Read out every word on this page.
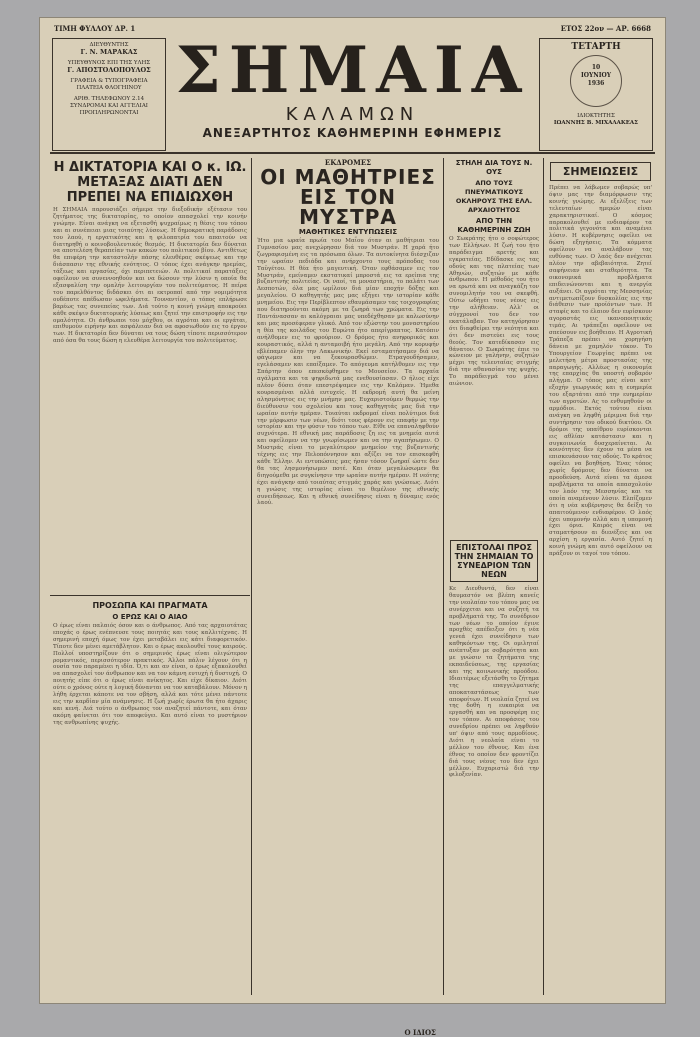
ΤΙΜΗ ΦΥΛΛΟΥ ΔΡ. 1	ΕΤΟΣ 22ον — ΑΡ. 6668
ΔΙΕΥΘΥΝΤΗΣ
Γ. Ν. ΜΑΡΑΚΑΣ
ΥΠΕΥΘΥΝΟΣ ΕΠΙ ΤΗΣ ΥΛΗΣ
Γ. ΑΠΟΣΤΟΛΟΠΟΥΛΟΣ
ΓΡΑΦΕΙΑ & ΤΥΠΟΓΡΑΦΕΙΑ
ΠΛΑΤΕΙΑ ΦΛΟΓΗΙΝΟΥ
ΑΡΙΘ. ΤΗΛΕΦΩΝΟΥ 2.14
ΣΥΝΔΡΟΜΑΙ ΚΑΙ ΑΓΓΕΛΙΑΙ ΠΡΟΠΛΗΡΩΝΟΝΤΑΙ
ΣΗΜΑΙΑ
ΚΑΛΑΜΩΝ
ΑΝΕΞΑΡΤΗΤΟΣ ΚΑΘΗΜΕΡΙΝΗ ΕΦΗΜΕΡΙΣ
ΤΕΤΑΡΤΗ
10
ΙΟΥΝΙΟΥ
1936
ΙΔΙΟΚΤΗΤΗΣ
ΙΩΑΝΝΗΣ Β. ΜΙΧΑΛΑΚΕΑΣ
Η ΔΙΚΤΑΤΟΡΙΑ ΚΑΙ Ο κ. ΙΩ. ΜΕΤΑΞΑΣ ΔΙΑΤΙ ΔΕΝ ΠΡΕΠΕΙ ΝΑ ΕΠΙΔΙΩΧΘΗ
Η ΣΗΜΑΙΑ παρουσιάζει σήμερα την διεξοδικήν εξέτασιν του ζητήματος της δικτατορίας, το οποίον απασχολεί την κοινήν γνώμην. Είναι ανάγκη να εξετασθή ψυχραίμως η θέσις του τόπου και αι συνέπειαι μιας τοιαύτης λύσεως. Η δημοκρατική παράδοσις του λαού, η εργατικότης και η φιλοπατρία του απαιτούν να διατηρηθή ο κοινοβουλευτικός θεσμός. Η δικτατορία δεν δύναται να αποτελέση θεραπείαν των κακών του πολιτικού βίου. Αντιθέτως θα επιφέρη την καταστολήν πάσης ελευθέρας σκέψεως και την διάσπασιν της εθνικής ενότητος. Ο τόπος έχει ανάγκην ηρεμίας, τάξεως και εργασίας, όχι περιπετειών. Αι πολιτικαί παρατάξεις οφείλουν να συνεννοηθούν και να δώσουν την λύσιν η οποία θα εξασφαλίση την ομαλήν λειτουργίαν του πολιτεύματος. Η πείρα του παρελθόντος διδάσκει ότι αι εκτροπαί από την νομιμότητα ουδέποτε απέδωσαν ωφελήματα. Τουναντίον, ο τόπος επλήρωσε βαρέως τας συνεπείας των. Διά τούτο η κοινή γνώμη αποκρούει κάθε σκέψιν δικτατορικής λύσεως και ζητεί την επιστροφήν εις την ομαλότητα. Οι άνθρωποι του μόχθου, οι αγρόται και οι εργάται, επιθυμούν ειρήνην και ασφάλειαν διά να αφοσιωθούν εις το έργον των. Η δικτατορία δεν δύναται να τους δώση τίποτε περισσότερον από όσα θα τους δώση η ελευθέρα λειτουργία του πολιτεύματος.
ΠΡΟΣΩΠΑ ΚΑΙ ΠΡΑΓΜΑΤΑ
Ο ΕΡΩΣ ΚΑΙ Ο ΑΙΑΟ
Ο έρως είναι παλαιός όσον και ο άνθρωπος. Από τας αρχαιοτάτας εποχάς ο έρως ενέπνευσε τους ποιητάς και τους καλλιτέχνας. Η σημερινή εποχή όμως τον έχει μεταβάλει εις κάτι διαφορετικόν. Τίποτε δεν μένει αμετάβλητον. Και ο έρως ακολουθεί τους καιρούς. Πολλοί υποστηρίζουν ότι ο σημερινός έρως είναι ολιγώτερον ρομαντικός, περισσότερον πρακτικός. Άλλοι πάλιν λέγουν ότι η ουσία του παραμένει η ιδία. Ό,τι και αν είναι, ο έρως εξακολουθεί να απασχολεί τον άνθρωπον και να τον κάμνη ευτυχή ή δυστυχή. Ο ποιητής είπε ότι ο έρως είναι ανίκητος. Και είχε δίκαιον. Διότι ούτε ο χρόνος ούτε η λογική δύνανται να τον καταβάλουν. Μόνον η λήθη έρχεται κάποτε να τον σβήση, αλλά και τότε μένει πάντοτε εις την καρδίαν μία ανάμνησις. Η ζωή χωρίς έρωτα θα ήτο άχαρις και κενή. Διά τούτο ο άνθρωπος τον αναζητεί πάντοτε, και όταν ακόμη φαίνεται ότι τον αποφεύγει. Και αυτό είναι το μυστήριον της ανθρωπίνης ψυχής.
ΕΚΔΡΟΜΕΣ
ΟΙ ΜΑΘΗΤΡΙΕΣ ΕΙΣ ΤΟΝ ΜΥΣΤΡΑ
ΜΑΘΗΤΙΚΕΣ ΕΝΤΥΠΩΣΕΙΣ
Ήτο μια ωραία πρωία του Μαΐου όταν αι μαθήτριαι του Γυμνασίου μας ανεχώρησαν διά τον Μυστράν. Η χαρά ήτο ζωγραφισμένη εις τα πρόσωπα όλων. Τα αυτοκίνητα διέσχιζαν την ωραίαν πεδιάδα και ανήρχοντο τους πρόποδας του Ταϋγέτου. Η θέα ήτο μαγευτική. Όταν εφθάσαμεν εις τον Μυστράν, εμείναμεν εκστατικαί μπροστά εις τα ερείπια της βυζαντινής πολιτείας. Οι ναοί, τα μοναστήρια, το παλάτι των Δεσποτών, όλα μας ωμίλουν διά μίαν εποχήν δόξης και μεγαλείου. Ο καθηγητής μας μας εξήγει την ιστορίαν κάθε μνημείου. Εις την Περίβλεπτον εθαυμάσαμεν τας τοιχογραφίας που διατηρούνται ακόμη με τα ζωηρά των χρώματα. Εις την Παντάνασσαν αι καλόγραιαι μας υπεδέχθησαν με καλωσύνην και μας προσέφεραν γλυκό. Από τον εξώστην του μοναστηρίου η θέα της κοιλάδος του Ευρώτα ήτο απερίγραπτος. Κατόπιν ανήλθομεν εις το φρούριον. Ο δρόμος ήτο ανηφορικός και κουραστικός, αλλά η ανταμοιβή ήτο μεγάλη. Από την κορυφήν εβλέπαμεν όλην την Λακωνικήν. Εκεί εσταματήσαμεν διά να φάγωμεν και να ξεκουρασθώμεν. Ετραγουδήσαμεν, εγελάσαμεν και επαίξαμεν. Το απόγευμα κατήλθομεν εις την Σπάρτην όπου επεσκέφθημεν το Μουσείον. Τα αρχαία αγάλματα και τα ψηφιδωτά μας ενεθουσίασαν. Ο ήλιος είχε πλέον δύσει όταν επεστρέψαμεν εις την Καλάμαν. Ήμεθα κουρασμέναι αλλά ευτυχείς. Η εκδρομή αυτή θα μείνη αλησμόνητος εις την μνήμην μας. Ευχαριστούμεν θερμώς την διεύθυνσιν του σχολείου και τους καθηγητάς μας διά την ωραίαν αυτήν ημέραν. Τοιαύται εκδρομαί είναι πολύτιμοι διά την μόρφωσιν των νέων, διότι τους φέρουν εις επαφήν με την ιστορίαν και την φύσιν του τόπου των. Είθε να επαναληφθούν συχνότερα. Η εθνική μας παράδοσις ζη εις τα μνημεία αυτά και οφείλομεν να την γνωρίσωμεν και να την αγαπήσωμεν. Ο Μυστράς είναι το μεγαλύτερον μνημείον της βυζαντινής τέχνης εις την Πελοπόννησον και αξίζει να τον επισκεφθή κάθε Έλλην. Αι εντυπώσεις μας ήσαν τόσον ζωηραί ώστε δεν θα τας λησμονήσωμεν ποτέ. Και όταν μεγαλώσωμεν θα διηγούμεθα με συγκίνησιν την ωραίαν αυτήν ημέραν. Η νεότης έχει ανάγκην από τοιαύτας στιγμάς χαράς και γνώσεως. Διότι η γνώσις της ιστορίας είναι το θεμέλιον της εθνικής συνειδήσεως. Και η εθνική συνείδησις είναι η δύναμις ενός λαού.
Ο ΙΔΙΟΣ
ΣΤΗΛΗ ΔΙΑ ΤΟΥΣ Ν. ΟΥΣ
ΑΠΟ ΤΟΥΣ ΠΝΕΥΜΑΤΙΚΟΥΣ ΟΚΛΗΡΟΥΣ ΤΗΣ ΕΛΛ. ΑΡΧΑΙΟΤΗΤΟΣ
ΑΠΟ ΤΗΝ ΚΑΘΗΜΕΡΙΝΗ ΖΩΗ
Ο Σωκράτης ήτο ο σοφώτερος των Ελλήνων. Η ζωή του ήτο παράδειγμα αρετής και εγκρατείας. Εδίδασκε εις τας οδούς και τας πλατείας των Αθηνών, συζητών με κάθε άνθρωπον. Η μέθοδός του ήτο να ερωτά και να αναγκάζη τον συνομιλητήν του να σκεφθή. Ούτω ωδήγει τους νέους εις την αλήθειαν. Αλλ' οι σύγχρονοί του δεν τον εκατάλαβαν. Τον κατηγόρησαν ότι διαφθείρει την νεότητα και ότι δεν πιστεύει εις τους θεούς. Τον κατεδίκασαν εις θάνατον. Ο Σωκράτης έπιε το κώνειον με γαλήνην, συζητών μέχρι της τελευταίας στιγμής διά την αθανασίαν της ψυχής. Το παράδειγμά του μένει αιώνιον.
ΕΠΙΣΤΟΛΑΙ ΠΡΟΣ ΤΗΝ ΣΗΜΑΙΑΝ ΤΟ ΣΥΝΕΔΡΙΟΝ ΤΩΝ ΝΕΩΝ
Κε Διευθυντά, δεν είναι θαυμαστόν να βλέπη κανείς την νεολαίαν του τόπου μας να συνέρχεται και να συζητή τα προβλήματά της. Το συνέδριον των νέων το οποίον έγινε προχθές απέδειξεν ότι η νέα γενεά έχει συνείδησιν των καθηκόντων της. Οι ομιληταί ανέπτυξαν με σοβαρότητα και με γνώσιν τα ζητήματα της εκπαιδεύσεως, της εργασίας και της κοινωνικής προόδου. Ιδιαιτέρως εξετάσθη το ζήτημα της επαγγελματικής αποκαταστάσεως των αποφοίτων. Η νεολαία ζητεί να της δοθή η ευκαιρία να εργασθή και να προσφέρη εις τον τόπον. Αι αποφάσεις του συνεδρίου πρέπει να ληφθούν υπ' όψιν από τους αρμοδίους. Διότι η νεολαία είναι το μέλλον του έθνους. Και ένα έθνος το οποίον δεν φροντίζει διά τους νέους του δεν έχει μέλλον. Ευχαριστώ διά την φιλοξενίαν.
ΣΗΜΕΙΩΣΕΙΣ
Πρέπει να λάβωμεν σοβαρώς υπ' όψιν μας την διαμόρφωσιν της κοινής γνώμης. Αι εξελίξεις των τελευταίων ημερών είναι χαρακτηριστικαί. Ο κόσμος παρακολουθεί με ενδιαφέρον τα πολιτικά γεγονότα και αναμένει λύσιν. Η κυβέρνησις οφείλει να δώση εξηγήσεις. Τα κόμματα οφείλουν να αναλάβουν τας ευθύνας των. Ο λαός δεν ανέχεται πλέον την αβεβαιότητα. Ζητεί σαφήνειαν και σταθερότητα. Τα οικονομικά προβλήματα επιδεινώνονται και η ανεργία αυξάνει. Οι αγρόται της Μεσσηνίας αντιμετωπίζουν δυσκολίας εις την διάθεσιν των προϊόντων των. Η σταφίς και το έλαιον δεν ευρίσκουν αγοραστάς εις ικανοποιητικάς τιμάς. Αι τράπεζαι οφείλουν να σπεύσουν εις βοήθειαν. Η Αγροτική Τράπεζα πρέπει να χορηγήση δάνεια με χαμηλόν τόκον. Το Υπουργείον Γεωργίας πρέπει να μελετήση μέτρα προστασίας της παραγωγής. Αλλέως η οικονομία της επαρχίας θα υποστή σοβαρόν πλήγμα. Ο τόπος μας είναι κατ' εξοχήν γεωργικός και η ευημερία του εξαρτάται από την ευημερίαν των αγροτών. Ας το ενθυμηθούν οι αρμόδιοι. Εκτός τούτου είναι ανάγκη να ληφθή μέριμνα διά την συντήρησιν του οδικού δικτύου. Οι δρόμοι της υπαίθρου ευρίσκονται εις αθλίαν κατάστασιν και η συγκοινωνία δυσχεραίνεται. Αι κοινότητες δεν έχουν τα μέσα να επισκευάσουν τας οδούς. Το κράτος οφείλει να βοηθήση. Ένας τόπος χωρίς δρόμους δεν δύναται να προοδεύση. Αυτά είναι τα άμεσα προβλήματα τα οποία απασχολούν τον λαόν της Μεσσηνίας και τα οποία αναμένουν λύσιν. Ελπίζομεν ότι η νέα κυβέρνησις θα δείξη το απαιτούμενον ενδιαφέρον. Ο λαός έχει υπομονήν αλλά και η υπομονή έχει όρια. Καιρός είναι να σταματήσουν αι διενέξεις και να αρχίση η εργασία. Αυτό ζητεί η κοινή γνώμη και αυτό οφείλουν να πράξουν οι ταγοί του τόπου.
